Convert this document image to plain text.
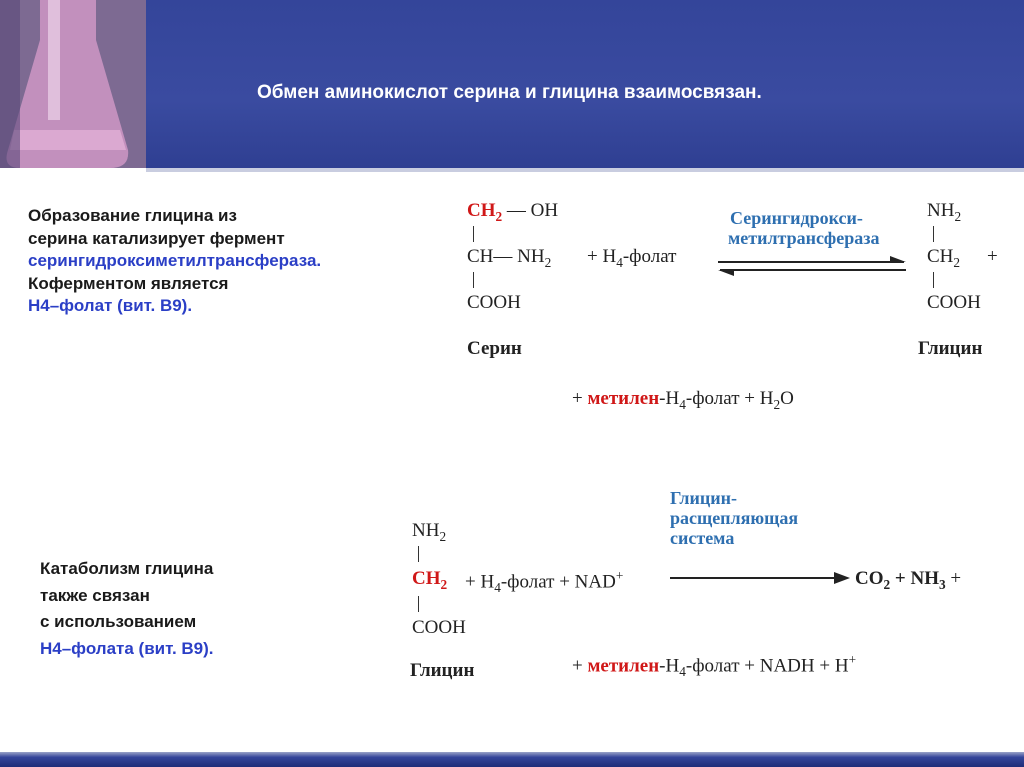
Обмен аминокислот серина и глицина взаимосвязан.
Образование глицина из
серина катализирует фермент
серингидроксиметилтрансфераза.
Коферментом является
Н4–фолат (вит. В9).
Катаболизм глицина
также связан
с использованием
Н4–фолата (вит. В9).
$CH_2$ — OH
CH— $NH_2$
COOH
Серин
+ $H_4$-фолат
Серингидрокси-
метилтрансфераза
$NH_2$
$CH_2$ +
COOH
Глицин
+ метилен-$H_4$-фолат + $H_2O$
Глицин-
расщепляющая
система
$NH_2$
$CH_2$
COOH
Глицин
+ $H_4$-фолат + NAD+	$CO_2 + NH_3$ +
+ метилен-$H_4$-фолат + NADH + H+
